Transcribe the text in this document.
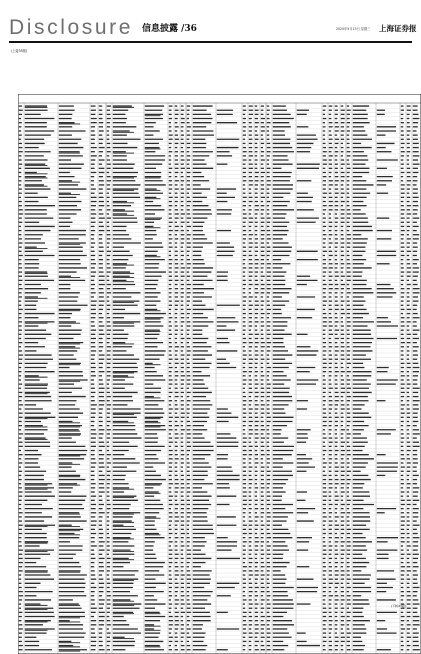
Disclosure 信息披露 /36	2020年9月13日 星期三 上海证券报
(上接35版)
(下转37版)
